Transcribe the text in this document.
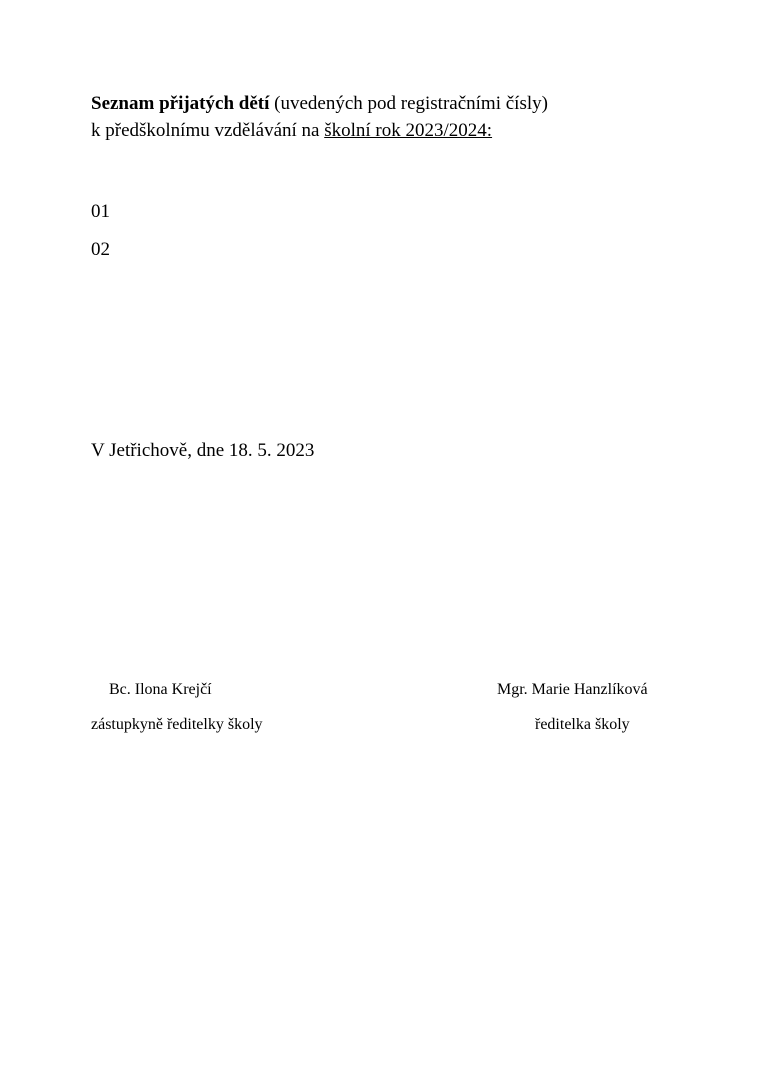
Seznam přijatých dětí (uvedených pod registračními čísly)
k předškolnímu vzdělávání na školní rok 2023/2024:
01
02
V Jetřichově, dne 18. 5. 2023
Bc. Ilona Krejčí
zástupkyně ředitelky školy
Mgr. Marie Hanzlíková
ředitelka školy
